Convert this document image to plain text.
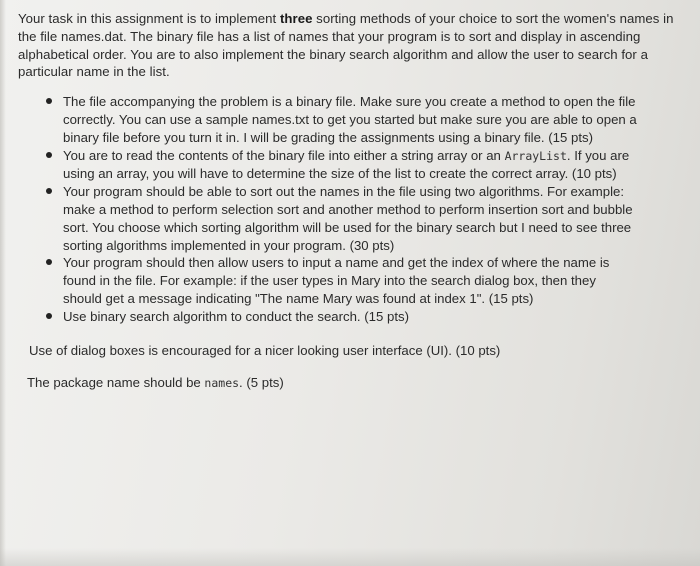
Your task in this assignment is to implement three sorting methods of your choice to sort the women's names in the file names.dat. The binary file has a list of names that your program is to sort and display in ascending alphabetical order. You are to also implement the binary search algorithm and allow the user to search for a particular name in the list.

The file accompanying the problem is a binary file. Make sure you create a method to open the file correctly. You can use a sample names.txt to get you started but make sure you are able to open a binary file before you turn it in. I will be grading the assignments using a binary file. (15 pts)
You are to read the contents of the binary file into either a string array or an ArrayList. If you are using an array, you will have to determine the size of the list to create the correct array. (10 pts)
Your program should be able to sort out the names in the file using two algorithms. For example: make a method to perform selection sort and another method to perform insertion sort and bubble sort. You choose which sorting algorithm will be used for the binary search but I need to see three sorting algorithms implemented in your program. (30 pts)
Your program should then allow users to input a name and get the index of where the name is found in the file. For example: if the user types in Mary into the search dialog box, then they should get a message indicating "The name Mary was found at index 1". (15 pts)
Use binary search algorithm to conduct the search. (15 pts)

Use of dialog boxes is encouraged for a nicer looking user interface (UI). (10 pts)

The package name should be names. (5 pts)
